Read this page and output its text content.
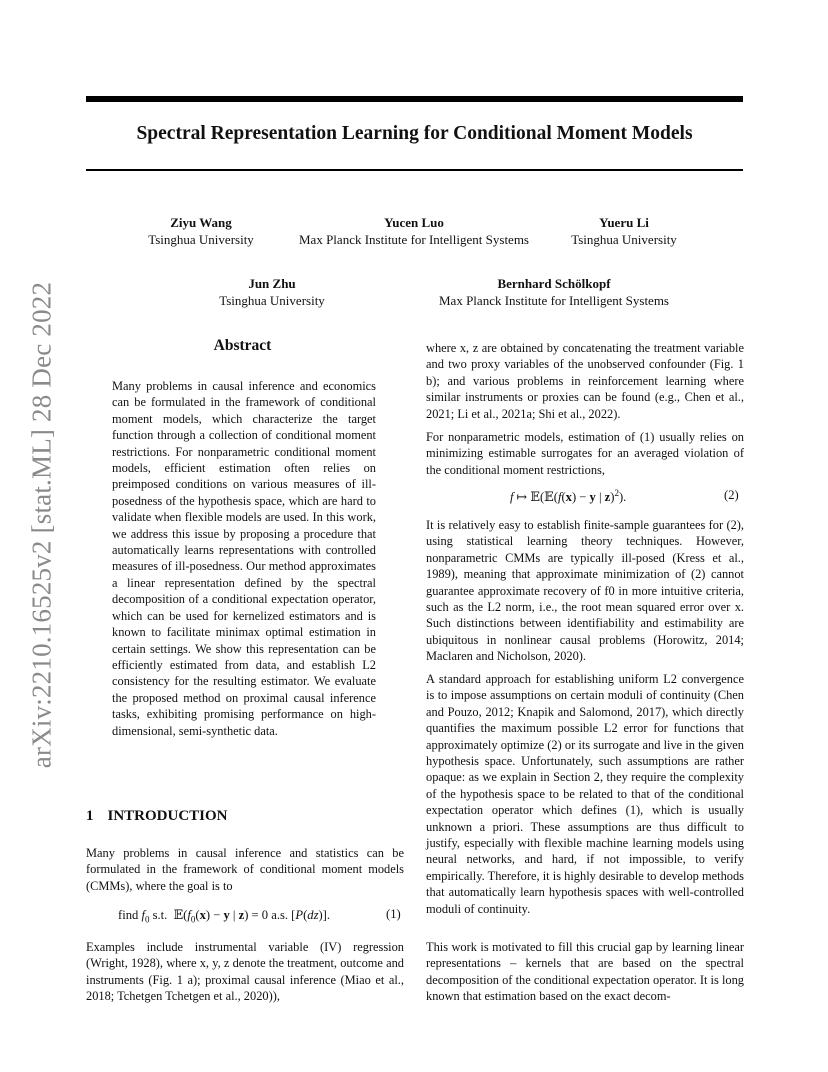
arXiv:2210.16525v2 [stat.ML] 28 Dec 2022
Spectral Representation Learning for Conditional Moment Models
Ziyu Wang
Tsinghua University
Yucen Luo
Max Planck Institute for Intelligent Systems
Yueru Li
Tsinghua University
Jun Zhu
Tsinghua University
Bernhard Schölkopf
Max Planck Institute for Intelligent Systems
Abstract
Many problems in causal inference and economics can be formulated in the framework of conditional moment models, which characterize the target function through a collection of conditional moment restrictions. For nonparametric conditional moment models, efficient estimation often relies on preimposed conditions on various measures of ill-posedness of the hypothesis space, which are hard to validate when flexible models are used. In this work, we address this issue by proposing a procedure that automatically learns representations with controlled measures of ill-posedness. Our method approximates a linear representation defined by the spectral decomposition of a conditional expectation operator, which can be used for kernelized estimators and is known to facilitate minimax optimal estimation in certain settings. We show this representation can be efficiently estimated from data, and establish L2 consistency for the resulting estimator. We evaluate the proposed method on proximal causal inference tasks, exhibiting promising performance on high-dimensional, semi-synthetic data.
1 INTRODUCTION

Many problems in causal inference and statistics can be formulated in the framework of conditional moment models (CMMs), where the goal is to

find $f_0$ s.t.  $𝔼(f_0(x) - y$ | z) = 0 a.s. [P(dz)].	(1)

Examples include instrumental variable (IV) regression (Wright, 1928), where x, y, z denote the treatment, outcome and instruments (Fig. 1 a); proximal causal inference (Miao et al., 2018; Tchetgen Tchetgen et al., 2020)),

where x, z are obtained by concatenating the treatment variable and two proxy variables of the unobserved confounder (Fig. 1 b); and various problems in reinforcement learning where similar instruments or proxies can be found (e.g., Chen et al., 2021; Li et al., 2021a; Shi et al., 2022).

For nonparametric models, estimation of (1) usually relies on minimizing estimable surrogates for an averaged violation of the conditional moment restrictions,

f ↦ 𝔼(𝔼(f(x) − y | z)$^2$).	(2)

It is relatively easy to establish finite-sample guarantees for (2), using statistical learning theory techniques. However, nonparametric CMMs are typically ill-posed (Kress et al., 1989), meaning that approximate minimization of (2) cannot guarantee approximate recovery of f0 in more intuitive criteria, such as the L2 norm, i.e., the root mean squared error over x. Such distinctions between identifiability and estimability are ubiquitous in nonlinear causal problems (Horowitz, 2014; Maclaren and Nicholson, 2020).

A standard approach for establishing uniform L2 convergence is to impose assumptions on certain moduli of continuity (Chen and Pouzo, 2012; Knapik and Salomond, 2017), which directly quantifies the maximum possible L2 error for functions that approximately optimize (2) or its surrogate and live in the given hypothesis space. Unfortunately, such assumptions are rather opaque: as we explain in Section 2, they require the complexity of the hypothesis space to be related to that of the conditional expectation operator which defines (1), which is usually unknown a priori. These assumptions are thus difficult to justify, especially with flexible machine learning models using neural networks, and hard, if not impossible, to verify empirically. Therefore, it is highly desirable to develop methods that automatically learn hypothesis spaces with well-controlled moduli of continuity.

This work is motivated to fill this crucial gap by learning linear representations – kernels that are based on the spectral decomposition of the conditional expectation operator. It is long known that estimation based on the exact decom-
